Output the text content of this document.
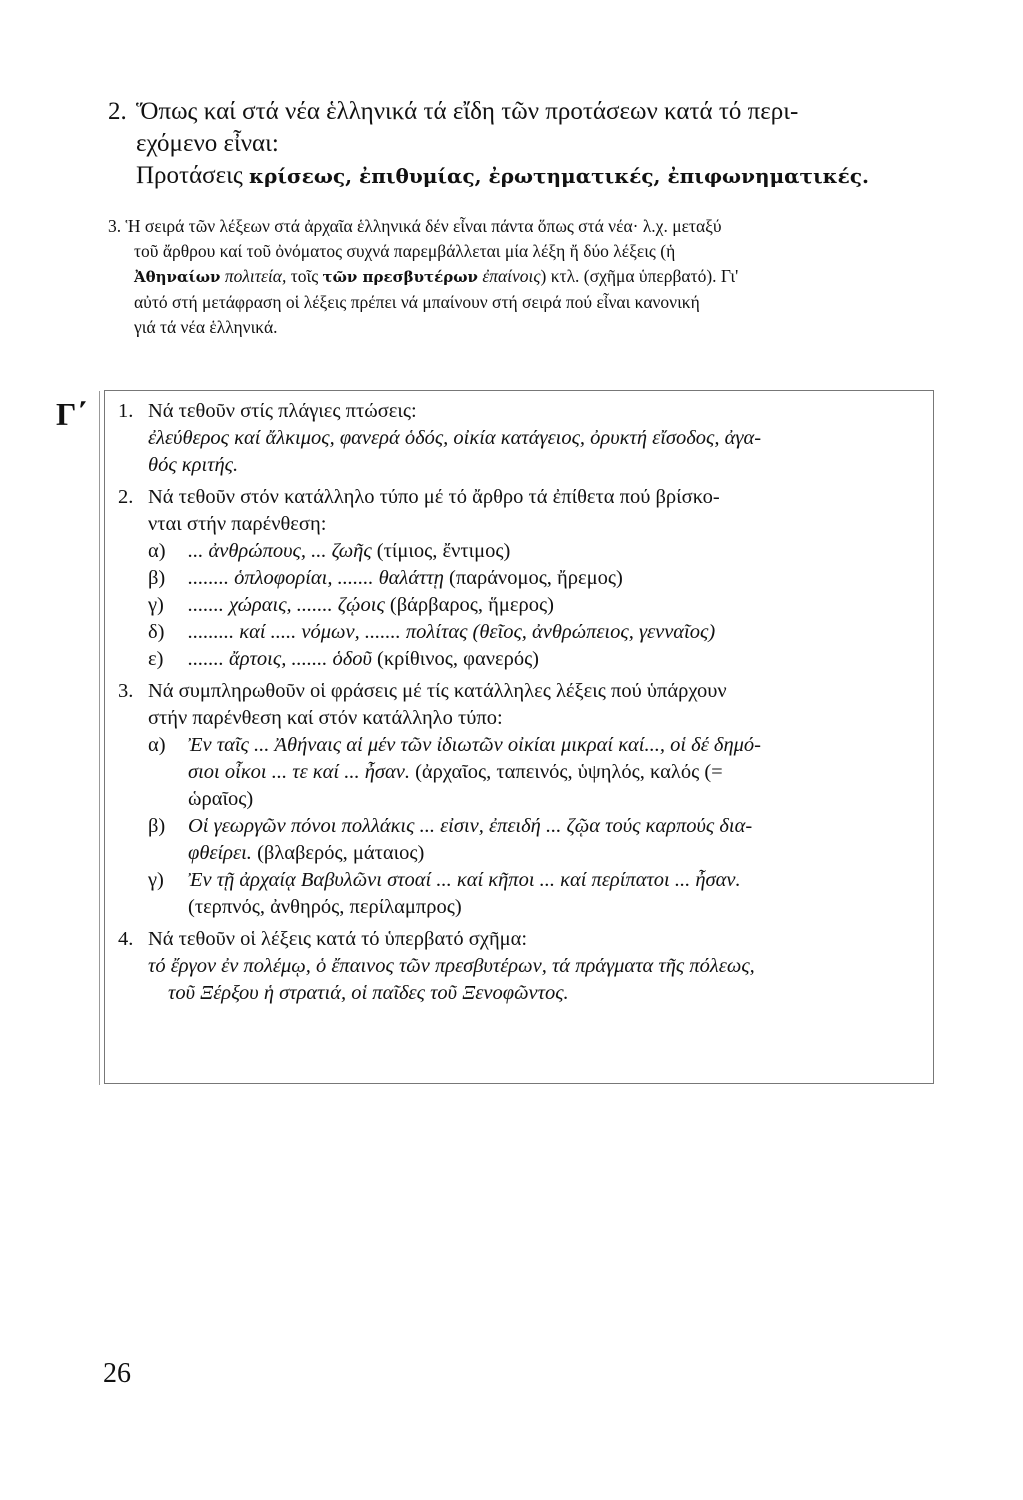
2. Ὅπως καί στά νέα ἑλληνικά τά εἴδη τῶν προτάσεων κατά τό περι-
εχόμενο εἶναι:
Προτάσεις κρίσεως, ἐπιθυμίας, ἐρωτηματικές, ἐπιφωνηματικές.
3. Ἡ σειρά τῶν λέξεων στά ἀρχαῖα ἑλληνικά δέν εἶναι πάντα ὅπως στά νέα· λ.χ. μεταξύ
τοῦ ἄρθρου καί τοῦ ὀνόματος συχνά παρεμβάλλεται μία λέξη ἤ δύο λέξεις (ἡ
Ἀθηναίων πολιτεία, τοῖς τῶν πρεσβυτέρων ἐπαίνοις) κτλ. (σχῆμα ὑπερβατό). Γι'
αὐτό στή μετάφραση οἱ λέξεις πρέπει νά μπαίνουν στή σειρά πού εἶναι κανονική
γιά τά νέα ἑλληνικά.
Γ΄ 1. Νά τεθοῦν στίς πλάγιες πτώσεις:
ἐλεύθερος καί ἄλκιμος, φανερά ὁδός, οἰκία κατάγειος, ὀρυκτή εἴσοδος, ἀγα-
θός κριτής.
2. Νά τεθοῦν στόν κατάλληλο τύπο μέ τό ἄρθρο τά ἐπίθετα πού βρίσκο-
νται στήν παρένθεση:
α)	... ἀνθρώπους, ... ζωῆς (τίμιος, ἔντιμος)
β)	........ ὁπλοφορίαι, ....... θαλάττῃ (παράνομος, ἤρεμος)
γ)	....... χώραις, ....... ζῴοις (βάρβαρος, ἥμερος)
δ)	......... καί ..... νόμων, ....... πολίτας (θεῖος, ἀνθρώπειος, γενναῖος)
ε)	....... ἄρτοις, ....... ὁδοῦ (κρίθινος, φανερός)
3. Νά συμπληρωθοῦν οἱ φράσεις μέ τίς κατάλληλες λέξεις πού ὑπάρχουν
στήν παρένθεση καί στόν κατάλληλο τύπο:
α)	Ἐν ταῖς ... Ἀθήναις αἱ μέν τῶν ἰδιωτῶν οἰκίαι μικραί καί..., οἱ δέ δημό-
σιοι οἶκοι ... τε καί ... ἦσαν. (ἀρχαῖος, ταπεινός, ὑψηλός, καλός (=
ὡραῖος)
β)	Οἱ γεωργῶν πόνοι πολλάκις ... εἰσιν, ἐπειδή ... ζῷα τούς καρπούς δια-
φθείρει. (βλαβερός, μάταιος)
γ)	Ἐν τῇ ἀρχαίᾳ Βαβυλῶνι στοαί ... καί κῆποι ... καί περίπατοι ... ἦσαν.
(τερπνός, ἀνθηρός, περίλαμπρος)
4. Νά τεθοῦν οἱ λέξεις κατά τό ὑπερβατό σχῆμα:
τό ἔργον ἐν πολέμῳ, ὁ ἔπαινος τῶν πρεσβυτέρων, τά πράγματα τῆς πόλεως,
τοῦ Ξέρξου ἡ στρατιά, οἱ παῖδες τοῦ Ξενοφῶντος.
26
